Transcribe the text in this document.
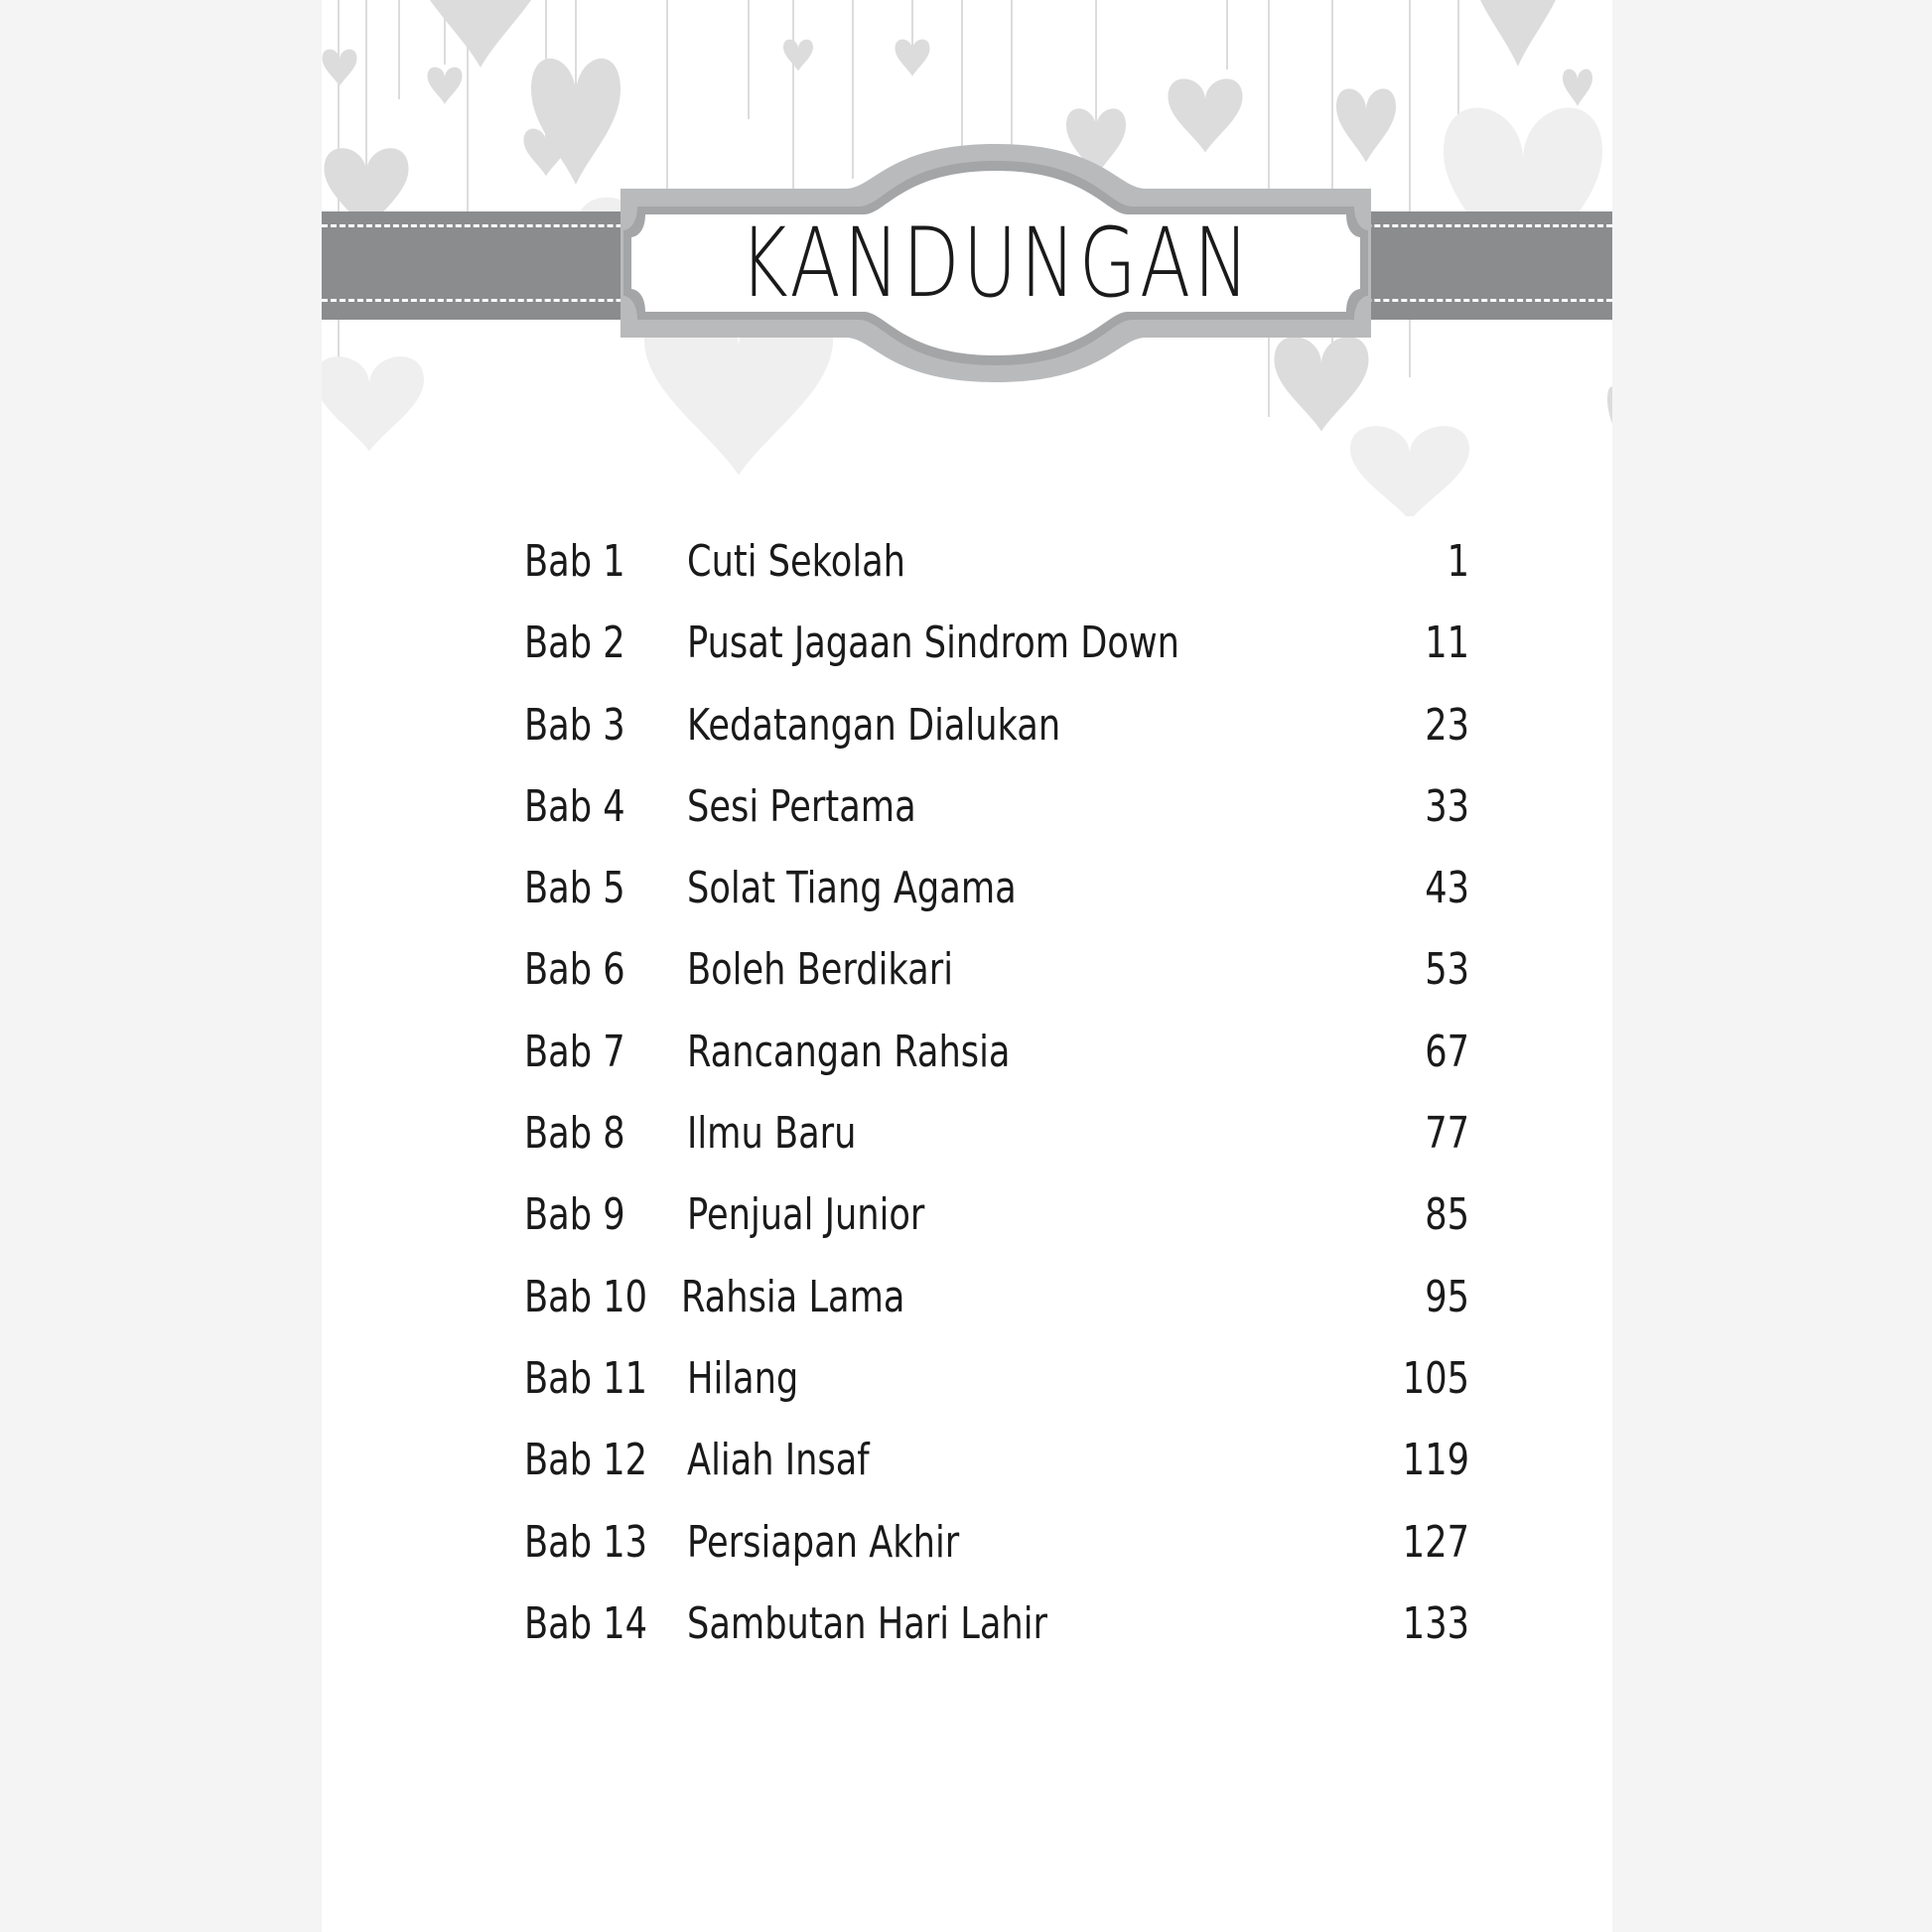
KANDUNGAN
Bab 1 Cuti Sekolah	1
Bab 2 Pusat Jagaan Sindrom Down	11
Bab 3 Kedatangan Dialukan	23
Bab 4 Sesi Pertama	33
Bab 5 Solat Tiang Agama	43
Bab 6 Boleh Berdikari	53
Bab 7 Rancangan Rahsia	67
Bab 8 Ilmu Baru	77
Bab 9 Penjual Junior	85
Bab 10 Rahsia Lama	95
Bab 11 Hilang	105
Bab 12 Aliah Insaf	119
Bab 13 Persiapan Akhir	127
Bab 14 Sambutan Hari Lahir	133
